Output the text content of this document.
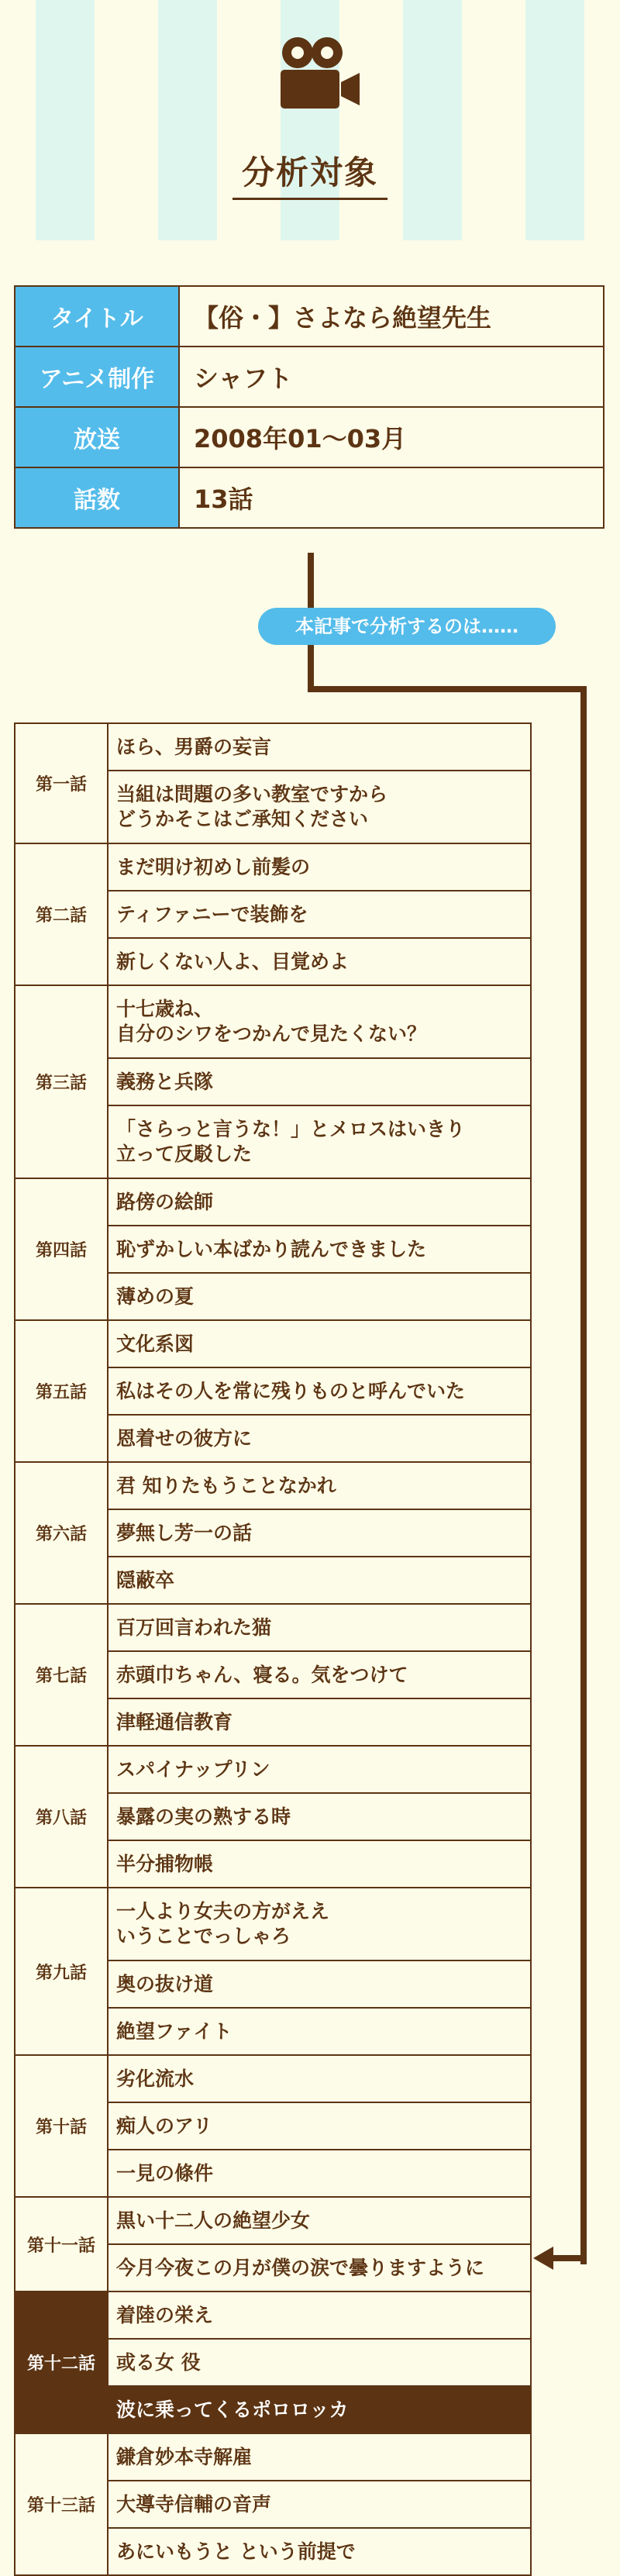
分析対象
タイトル	【俗・】さよなら絶望先生
アニメ制作	シャフト
放送	2008年01～03月
話数	13話
本記事で分析するのは……
第一話	ほら、男爵の妄言
	当組は問題の多い教室ですから
どうかそこはご承知ください
第二話	まだ明け初めし前髪の
	ティファニーで装飾を
	新しくない人よ、目覚めよ
第三話	十七歳ね、
自分のシワをつかんで見たくない？
	義務と兵隊
	「さらっと言うな！」とメロスはいきり
立って反駁した
第四話	路傍の絵師
	恥ずかしい本ばかり読んできました
	薄めの夏
第五話	文化系図
	私はその人を常に残りものと呼んでいた
	恩着せの彼方に
第六話	君 知りたもうことなかれ
	夢無し芳一の話
	隠蔽卒
第七話	百万回言われた猫
	赤頭巾ちゃん、寝る。気をつけて
	津軽通信教育
第八話	スパイナップリン
	暴露の実の熟する時
	半分捕物帳
第九話	一人より女夫の方がええ
いうことでっしゃろ
	奥の抜け道
	絶望ファイト
第十話	劣化流水
	痴人のアリ
	一見の條件
第十一話	黒い十二人の絶望少女
	今月今夜この月が僕の涙で曇りますように
第十二話	着陸の栄え
	或る女 役
	波に乗ってくるポロロッカ
第十三話	鎌倉妙本寺解雇
	大導寺信輔の音声
	あにいもうと という前提で
